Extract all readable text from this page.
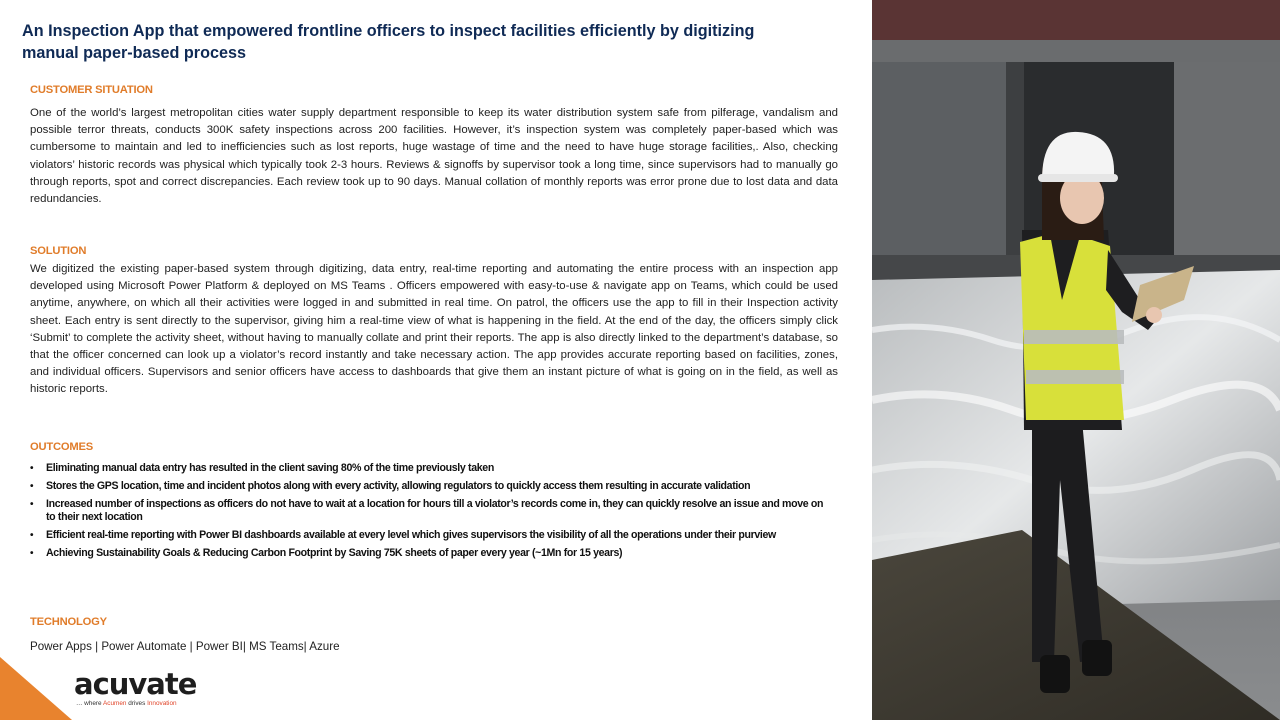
An Inspection App that empowered frontline officers to inspect facilities efficiently by digitizing manual paper-based process
CUSTOMER SITUATION

One of the world’s largest metropolitan cities water supply department responsible to keep its water distribution system safe from pilferage, vandalism and possible terror threats, conducts 300K safety inspections across 200 facilities. However, it’s inspection system was completely paper-based which was cumbersome to maintain and led to inefficiencies such as lost reports, huge wastage of time and the need to have huge storage facilities,. Also, checking violators’ historic records was physical which typically took 2-3 hours. Reviews & signoffs by supervisor took a long time, since supervisors had to manually go through reports, spot and correct discrepancies. Each review took up to 90 days. Manual collation of monthly reports was error prone due to lost data and data redundancies.

SOLUTION

We digitized the existing paper-based system through digitizing, data entry, real-time reporting and automating the entire process with an inspection app developed using Microsoft Power Platform & deployed on MS Teams . Officers empowered with easy-to-use & navigate app on Teams, which could be used anytime, anywhere, on which all their activities were logged in and submitted in real time. On patrol, the officers use the app to fill in their Inspection activity sheet. Each entry is sent directly to the supervisor, giving him a real-time view of what is happening in the field. At the end of the day, the officers simply click ‘Submit’ to complete the activity sheet, without having to manually collate and print their reports. The app is also directly linked to the department’s database, so that the officer concerned can look up a violator’s record instantly and take necessary action. The app provides accurate reporting based on facilities, zones, and individual officers. Supervisors and senior officers have access to dashboards that give them an instant picture of what is going on in the field, as well as historic reports.

OUTCOMES
• Eliminating manual data entry has resulted in the client saving 80% of the time previously taken
• Stores the GPS location, time and incident photos along with every activity, allowing regulators to quickly access them resulting in accurate validation
• Increased number of inspections as officers do not have to wait at a location for hours till a violator’s records come in, they can quickly resolve an issue and move on to their next location
• Efficient real-time reporting with Power BI dashboards available at every level which gives supervisors the visibility of all the operations under their purview
• Achieving Sustainability Goals & Reducing Carbon Footprint by Saving 75K sheets of paper every year (~1Mn for 15 years)
TECHNOLOGY
Power Apps | Power Automate | Power BI| MS Teams| Azure
acuvate
… where Acumen drives Innovation
